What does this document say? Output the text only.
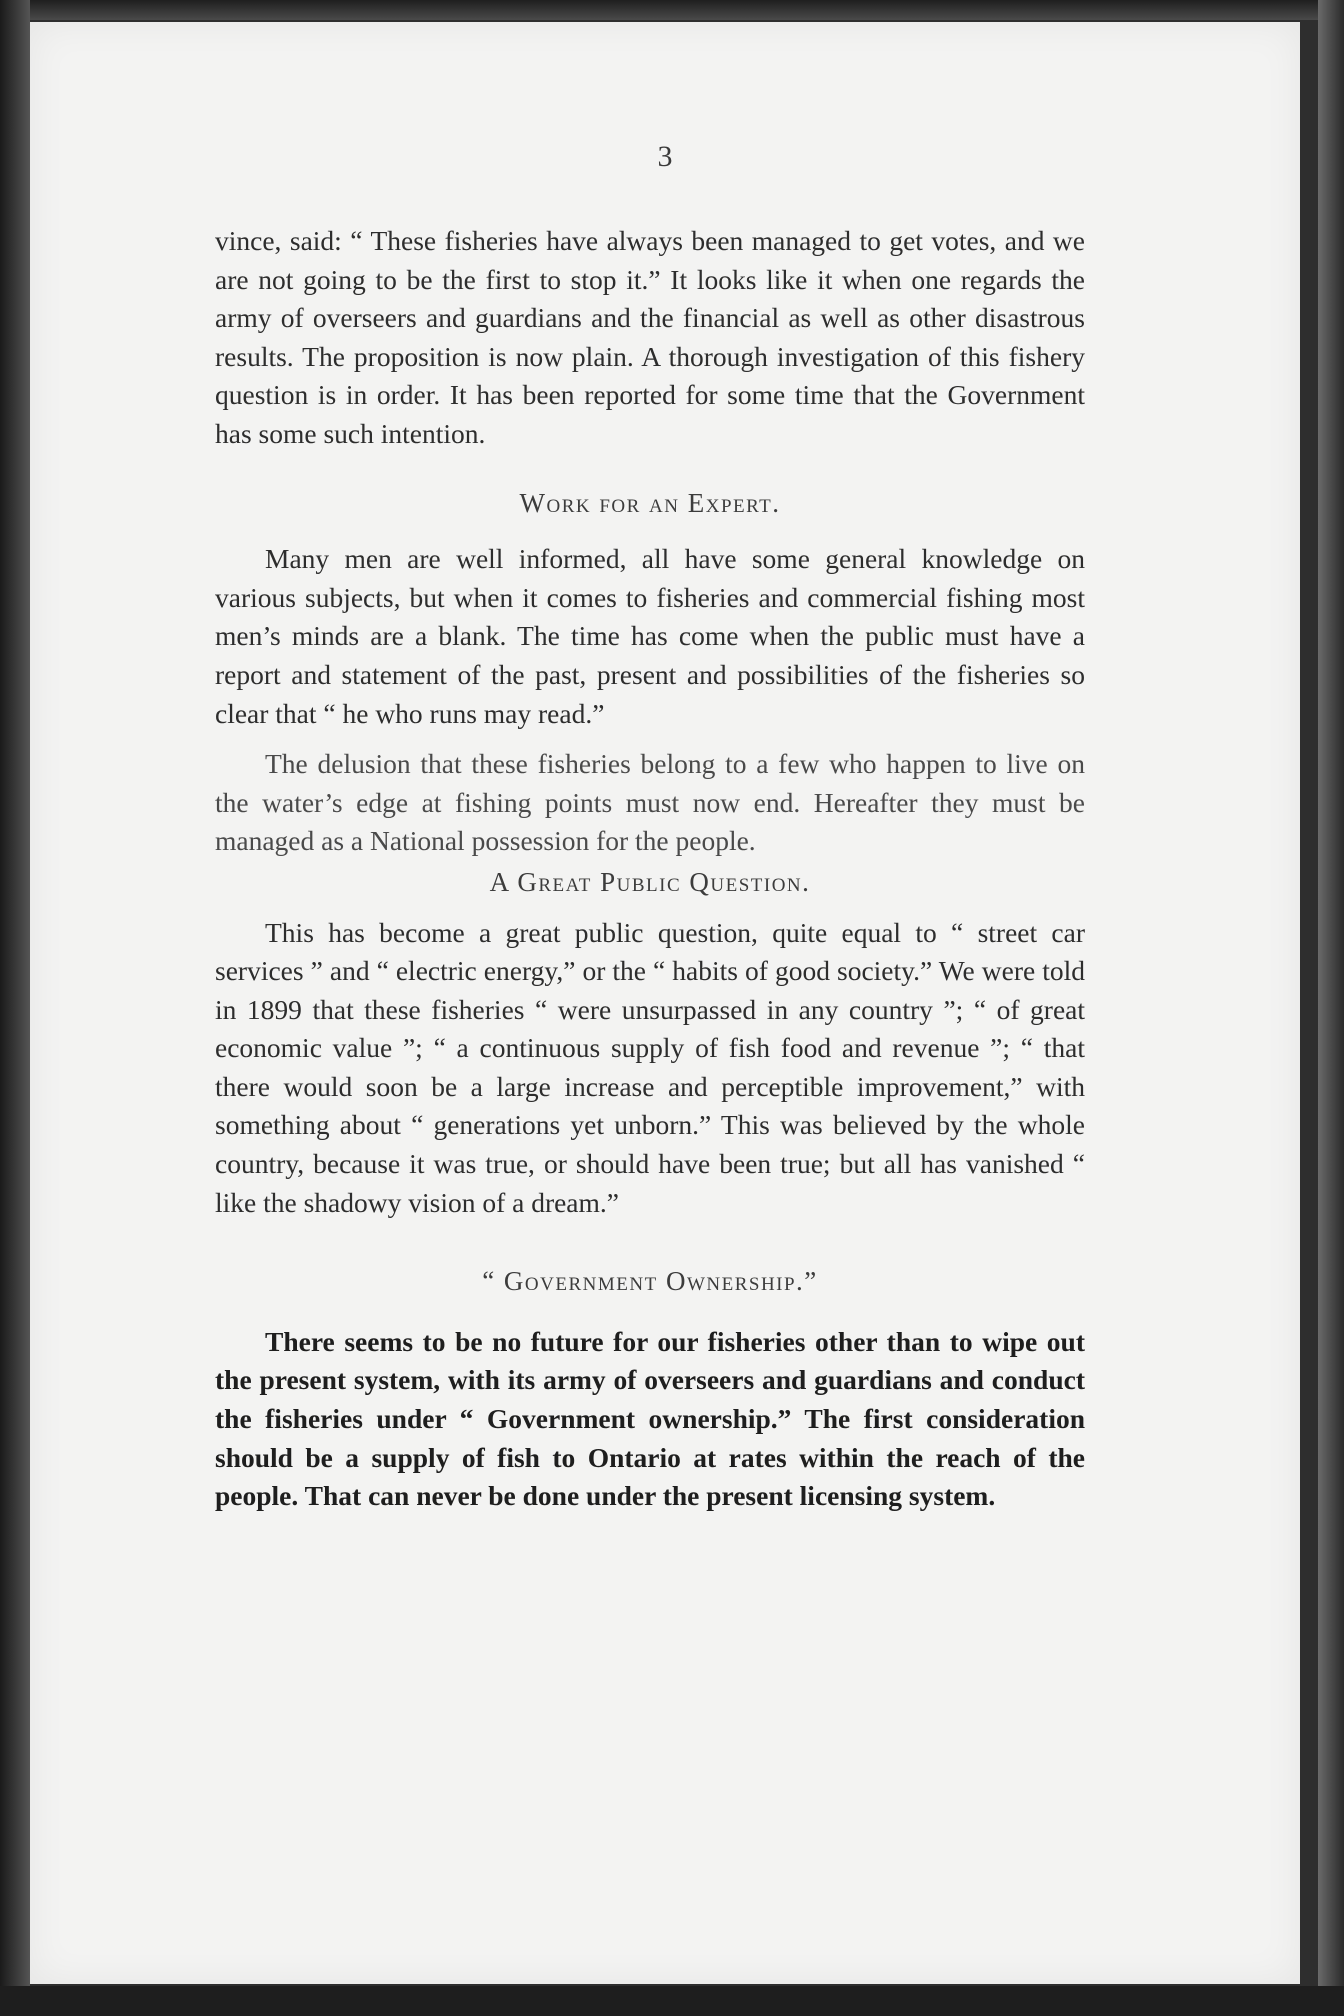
3

vince, said: “ These fisheries have always been managed to get votes, and we are not going to be the first to stop it.” It looks like it when one regards the army of overseers and guardians and the financial as well as other disastrous results. The proposition is now plain. A thorough investigation of this fishery question is in order. It has been reported for some time that the Government has some such intention.

Work for an Expert.

Many men are well informed, all have some general knowledge on various subjects, but when it comes to fisheries and commercial fishing most men’s minds are a blank. The time has come when the public must have a report and statement of the past, present and possibilities of the fisheries so clear that “ he who runs may read.”

The delusion that these fisheries belong to a few who happen to live on the water’s edge at fishing points must now end. Hereafter they must be managed as a National possession for the people.

A Great Public Question.

This has become a great public question, quite equal to “ street car services ” and “ electric energy,” or the “ habits of good society.” We were told in 1899 that these fisheries “ were unsurpassed in any country ”; “ of great economic value ”; “ a continuous supply of fish food and revenue ”; “ that there would soon be a large increase and perceptible improvement,” with something about “ generations yet unborn.” This was believed by the whole country, because it was true, or should have been true; but all has vanished “ like the shadowy vision of a dream.”

“ Government Ownership.”

There seems to be no future for our fisheries other than to wipe out the present system, with its army of overseers and guardians and conduct the fisheries under “ Government ownership.” The first consideration should be a supply of fish to Ontario at rates within the reach of the people. That can never be done under the present licensing system.
